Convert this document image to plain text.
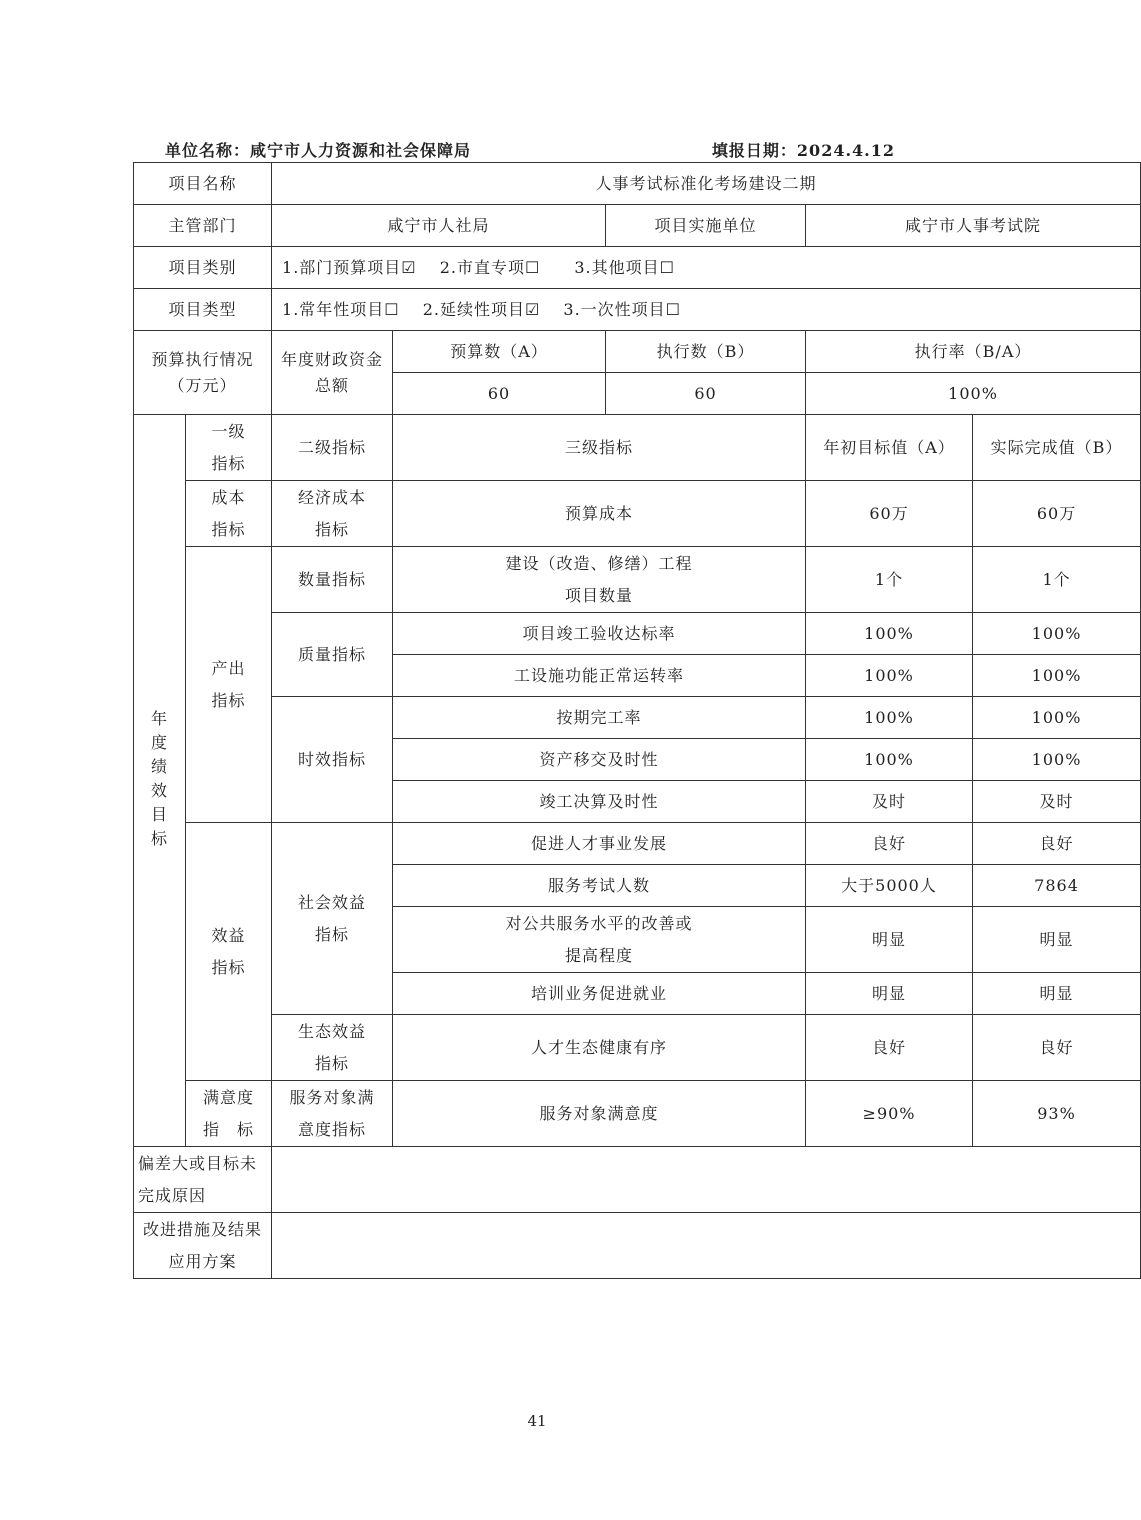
单位名称：咸宁市人力资源和社会保障局	填报日期：2024.4.12
项目名称		人事考试标准化考场建设二期				
主管部门		咸宁市人社局		项目实施单位	咸宁市人事考试院	
项目类别		1.部门预算项目☑　 2.市直专项☐　　3.其他项目☐				
项目类型		1.常年性项目☐　 2.延续性项目☑　 3.一次性项目☐				
预算执行情况（万元）		年度财政资金总额	预算数（A）	执行数（B）	执行率（B/A）	
			60	60	100%	
年度绩效目标	一级指标	二级指标	三级指标		年初目标值（A）	实际完成值（B）
	成本指标	经济成本指标	预算成本		60万	60万
	产出指标	数量指标	建设（改造、修缮）工程项目数量		1个	1个
		质量指标	项目竣工验收达标率		100%	100%
			工设施功能正常运转率		100%	100%
		时效指标	按期完工率		100%	100%
			资产移交及时性		100%	100%
			竣工决算及时性		及时	及时
	效益指标	社会效益指标	促进人才事业发展		良好	良好
			服务考试人数		大于5000人	7864
			对公共服务水平的改善或提高程度		明显	明显
			培训业务促进就业		明显	明显
		生态效益指标	人才生态健康有序		良好	良好
	满意度指　标	服务对象满意度指标	服务对象满意度		≥90%	93%
偏差大或目标未完成原因						
改进措施及结果应用方案						
41
